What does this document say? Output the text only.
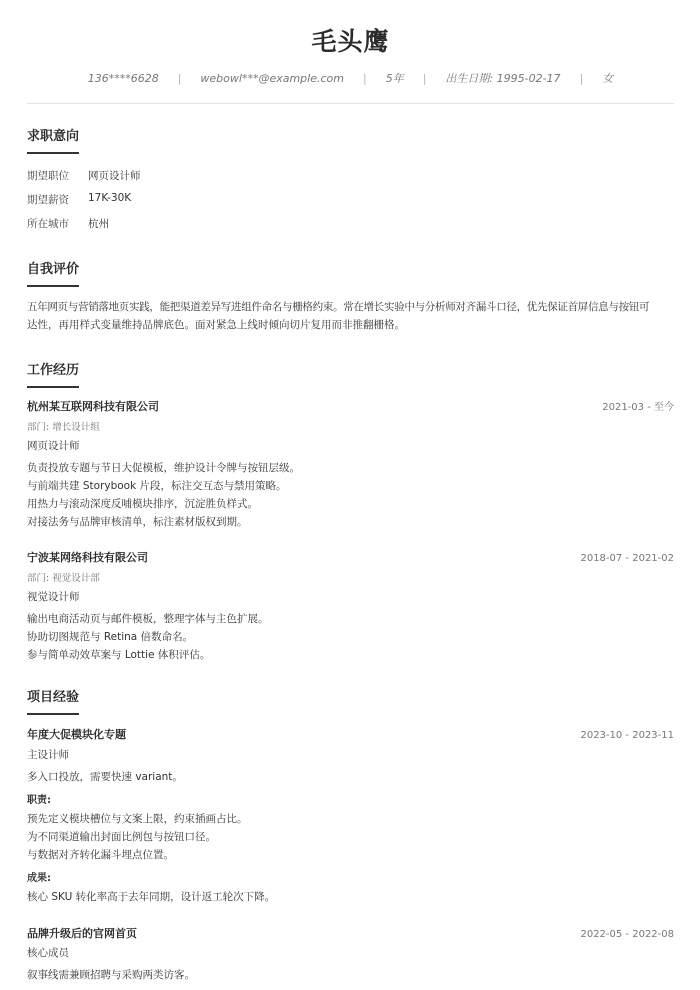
毛头鹰
136****6628 | webowl***@example.com | 5年 | 出生日期: 1995-02-17 | 女
求职意向
期望职位	网页设计师
期望薪资	17K-30K
所在城市	杭州
自我评价
五年网页与营销落地页实践，能把渠道差异写进组件命名与栅格约束。常在增长实验中与分析师对齐漏斗口径，优先保证首屏信息与按钮可
达性，再用样式变量维持品牌底色。面对紧急上线时倾向切片复用而非推翻栅格。
工作经历
杭州某互联网科技有限公司	2021-03 - 至今
部门: 增长设计组
网页设计师
负责投放专题与节日大促模板，维护设计令牌与按钮层级。
与前端共建 Storybook 片段，标注交互态与禁用策略。
用热力与滚动深度反哺模块排序，沉淀胜负样式。
对接法务与品牌审核清单，标注素材版权到期。
宁波某网络科技有限公司	2018-07 - 2021-02
部门: 视觉设计部
视觉设计师
输出电商活动页与邮件模板，整理字体与主色扩展。
协助切图规范与 Retina 倍数命名。
参与简单动效草案与 Lottie 体积评估。
项目经验
年度大促模块化专题	2023-10 - 2023-11
主设计师
多入口投放，需要快速 variant。
职责:
预先定义模块槽位与文案上限，约束插画占比。
为不同渠道输出封面比例包与按钮口径。
与数据对齐转化漏斗埋点位置。
成果:
核心 SKU 转化率高于去年同期，设计返工轮次下降。
品牌升级后的官网首页	2022-05 - 2022-08
核心成员
叙事线需兼顾招聘与采购两类访客。
